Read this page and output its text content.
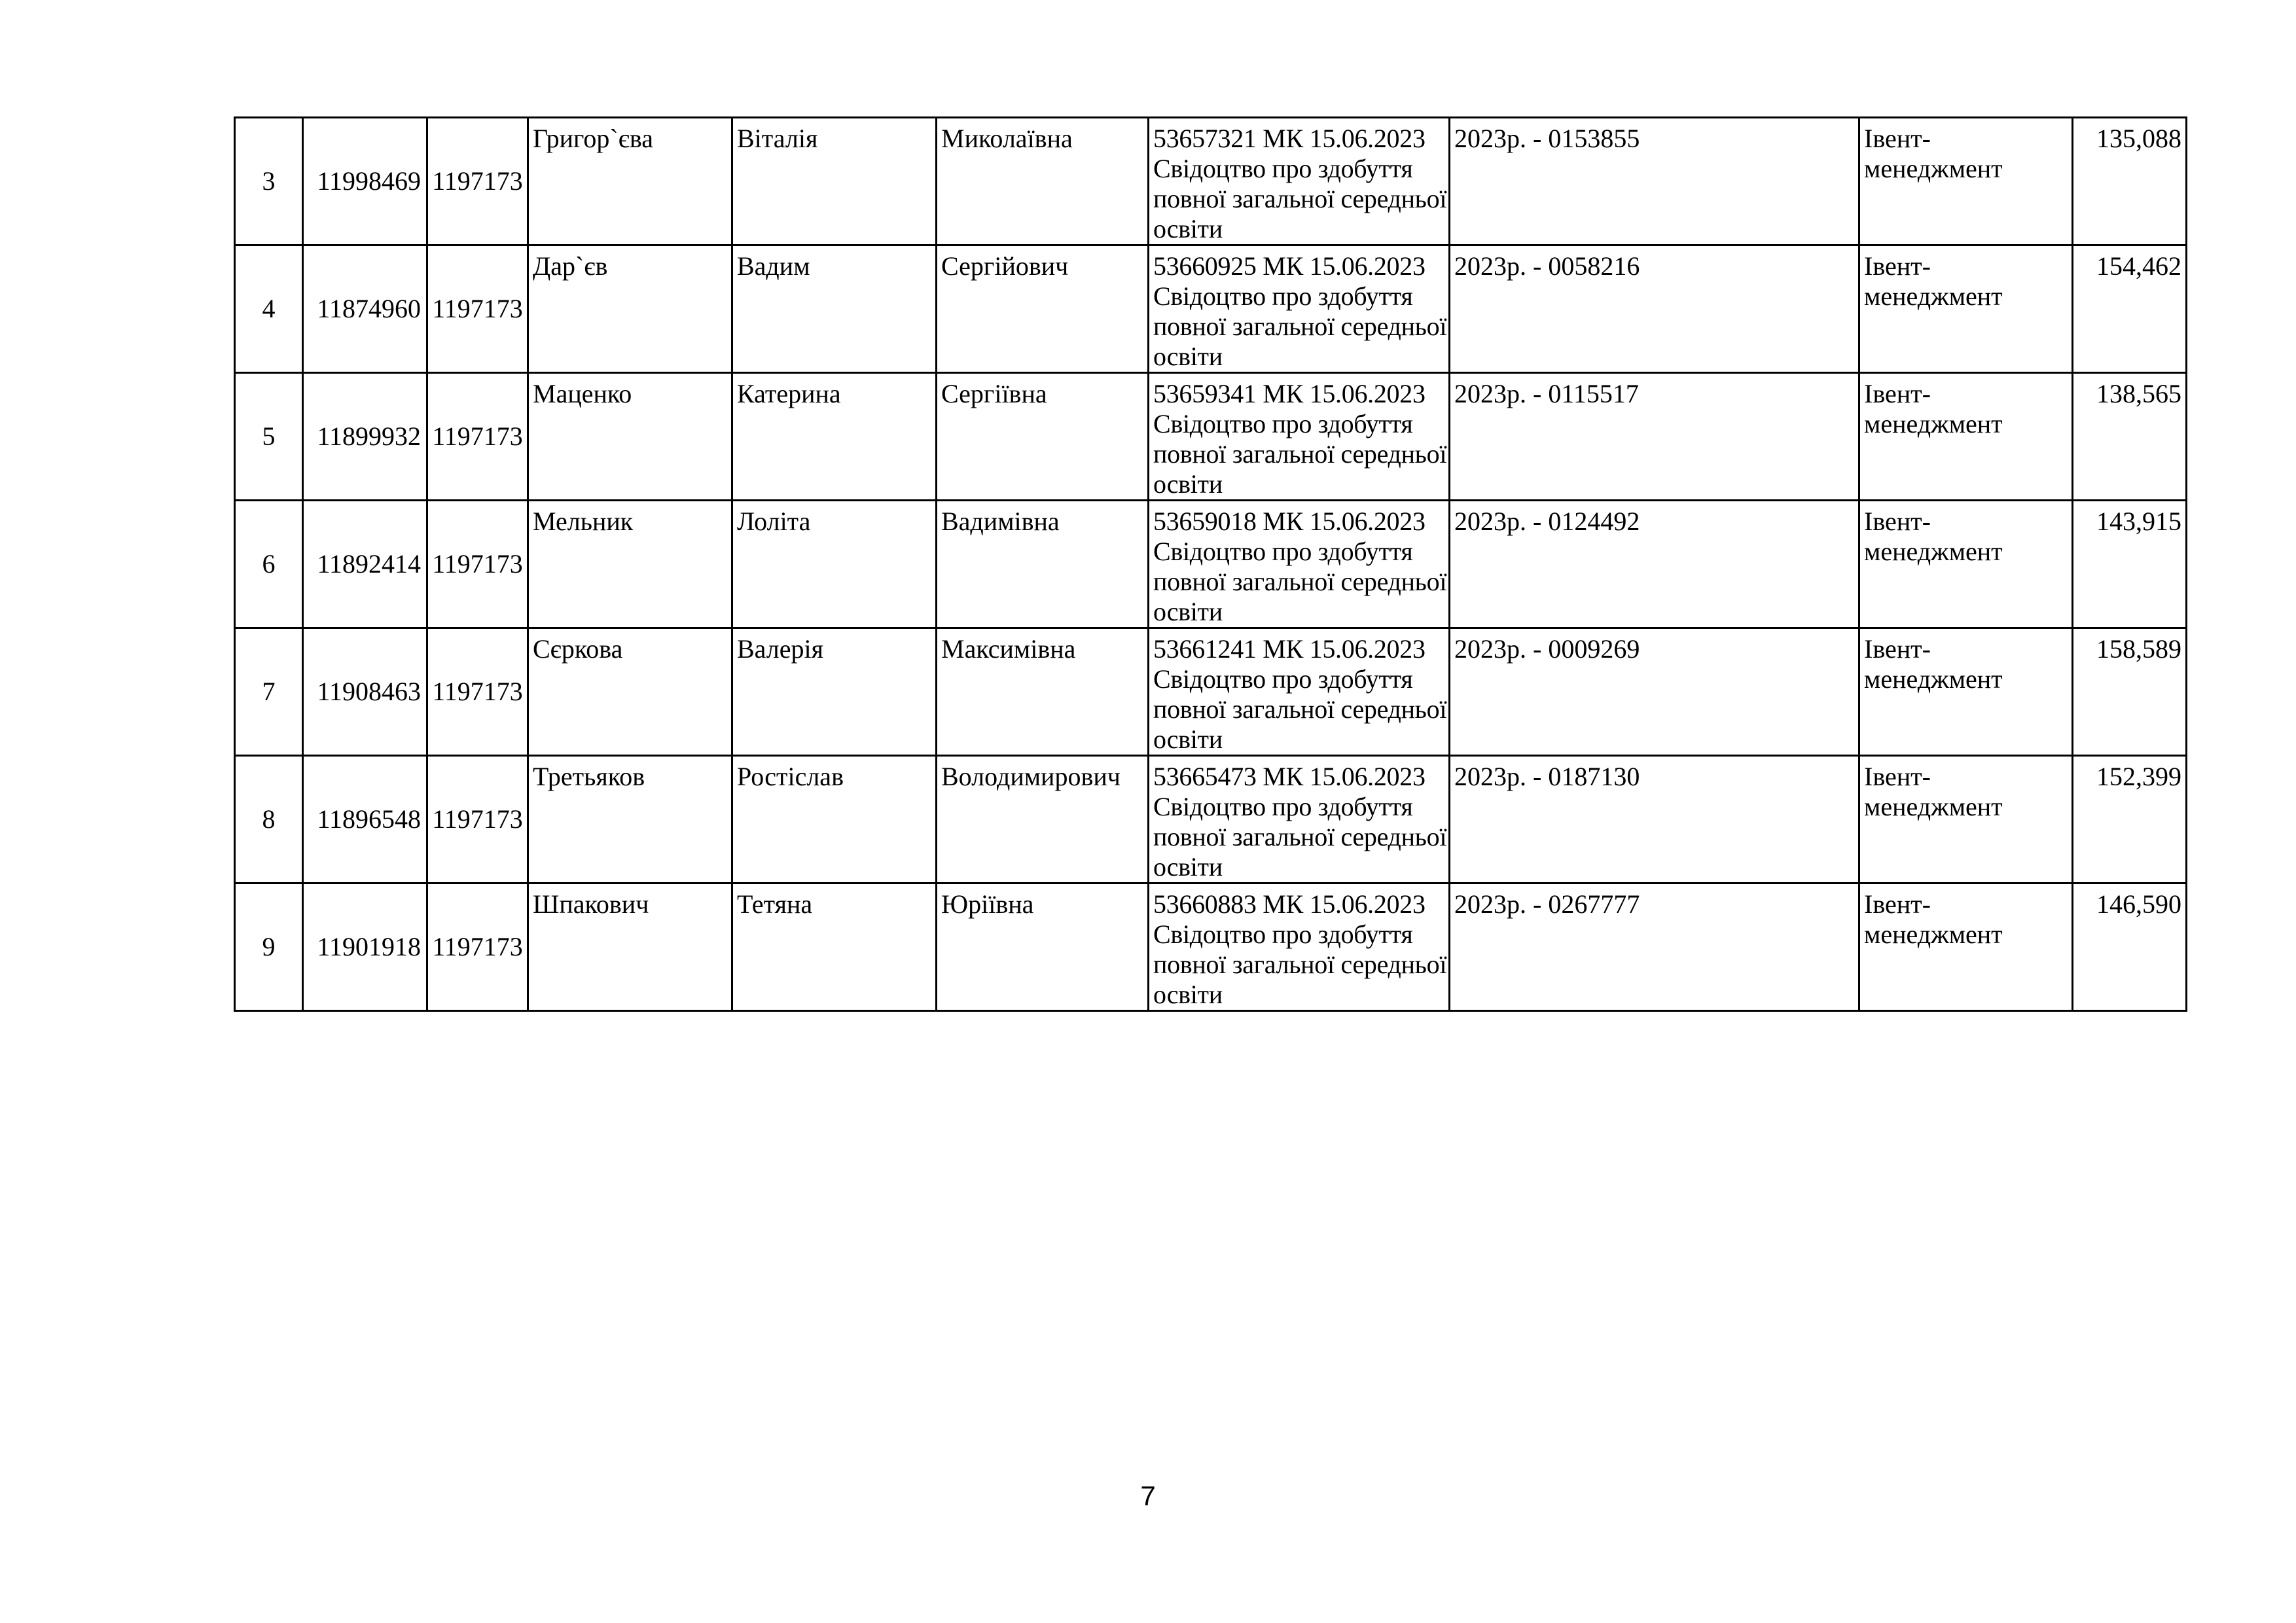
3	11998469	1197173	Григор`єва	Віталія	Миколаївна	53657321 МК 15.06.2023 Свідоцтво про здобуття повної загальної середньої освіти	2023р. - 0153855	Івент-менеджмент	135,088
4	11874960	1197173	Дар`єв	Вадим	Сергійович	53660925 МК 15.06.2023 Свідоцтво про здобуття повної загальної середньої освіти	2023р. - 0058216	Івент-менеджмент	154,462
5	11899932	1197173	Маценко	Катерина	Сергіївна	53659341 МК 15.06.2023 Свідоцтво про здобуття повної загальної середньої освіти	2023р. - 0115517	Івент-менеджмент	138,565
6	11892414	1197173	Мельник	Лоліта	Вадимівна	53659018 МК 15.06.2023 Свідоцтво про здобуття повної загальної середньої освіти	2023р. - 0124492	Івент-менеджмент	143,915
7	11908463	1197173	Сєркова	Валерія	Максимівна	53661241 МК 15.06.2023 Свідоцтво про здобуття повної загальної середньої освіти	2023р. - 0009269	Івент-менеджмент	158,589
8	11896548	1197173	Третьяков	Ростіслав	Володимирович	53665473 МК 15.06.2023 Свідоцтво про здобуття повної загальної середньої освіти	2023р. - 0187130	Івент-менеджмент	152,399
9	11901918	1197173	Шпакович	Тетяна	Юріївна	53660883 МК 15.06.2023 Свідоцтво про здобуття повної загальної середньої освіти	2023р. - 0267777	Івент-менеджмент	146,590
7
